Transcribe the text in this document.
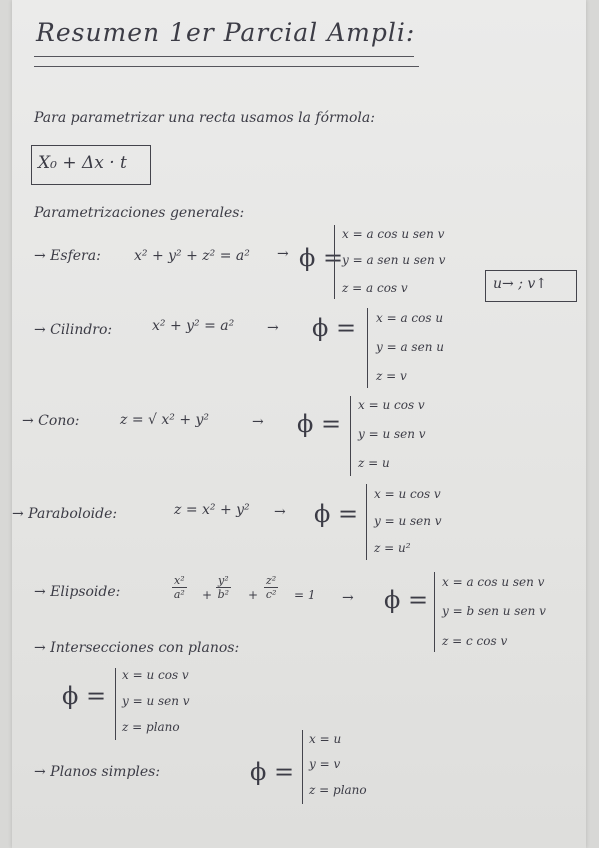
Resumen 1er Parcial Ampli:
Para parametrizar una recta usamos la fórmola:
X₀ + Δx · t
Parametrizaciones generales:
→ Esfera: x² + y² + z² = a² → ϕ =
x = a cos u sen v
y = a sen u sen v
z = a cos v	u→ ; v↑
→ Cilindro:	x² + y² = a² → ϕ = x = a cos u
y = a sen u
z = v
→ Cono:	z = √ x² + y²	→ ϕ =
x = u cos v
y = u sen v
z = u
→ Paraboloide:	z = x² + y² → ϕ =
x = u cos v
y = u sen v
z = u²
→ Elipsoide:	$\frac{\text{x²}}{\text{a²}} + \frac{\text{y²}}{\text{b²}} + \frac{\text{z²}}{\text{c²}} = 1 \to \phi$ =
x = a cos u sen v
y = b sen u sen v
z = c cos v
→ Intersecciones con planos:
ϕ =
x = u cos v
y = u sen v
z = plano
→ Planos simples:	ϕ =
x = u
y = v
z = plano
